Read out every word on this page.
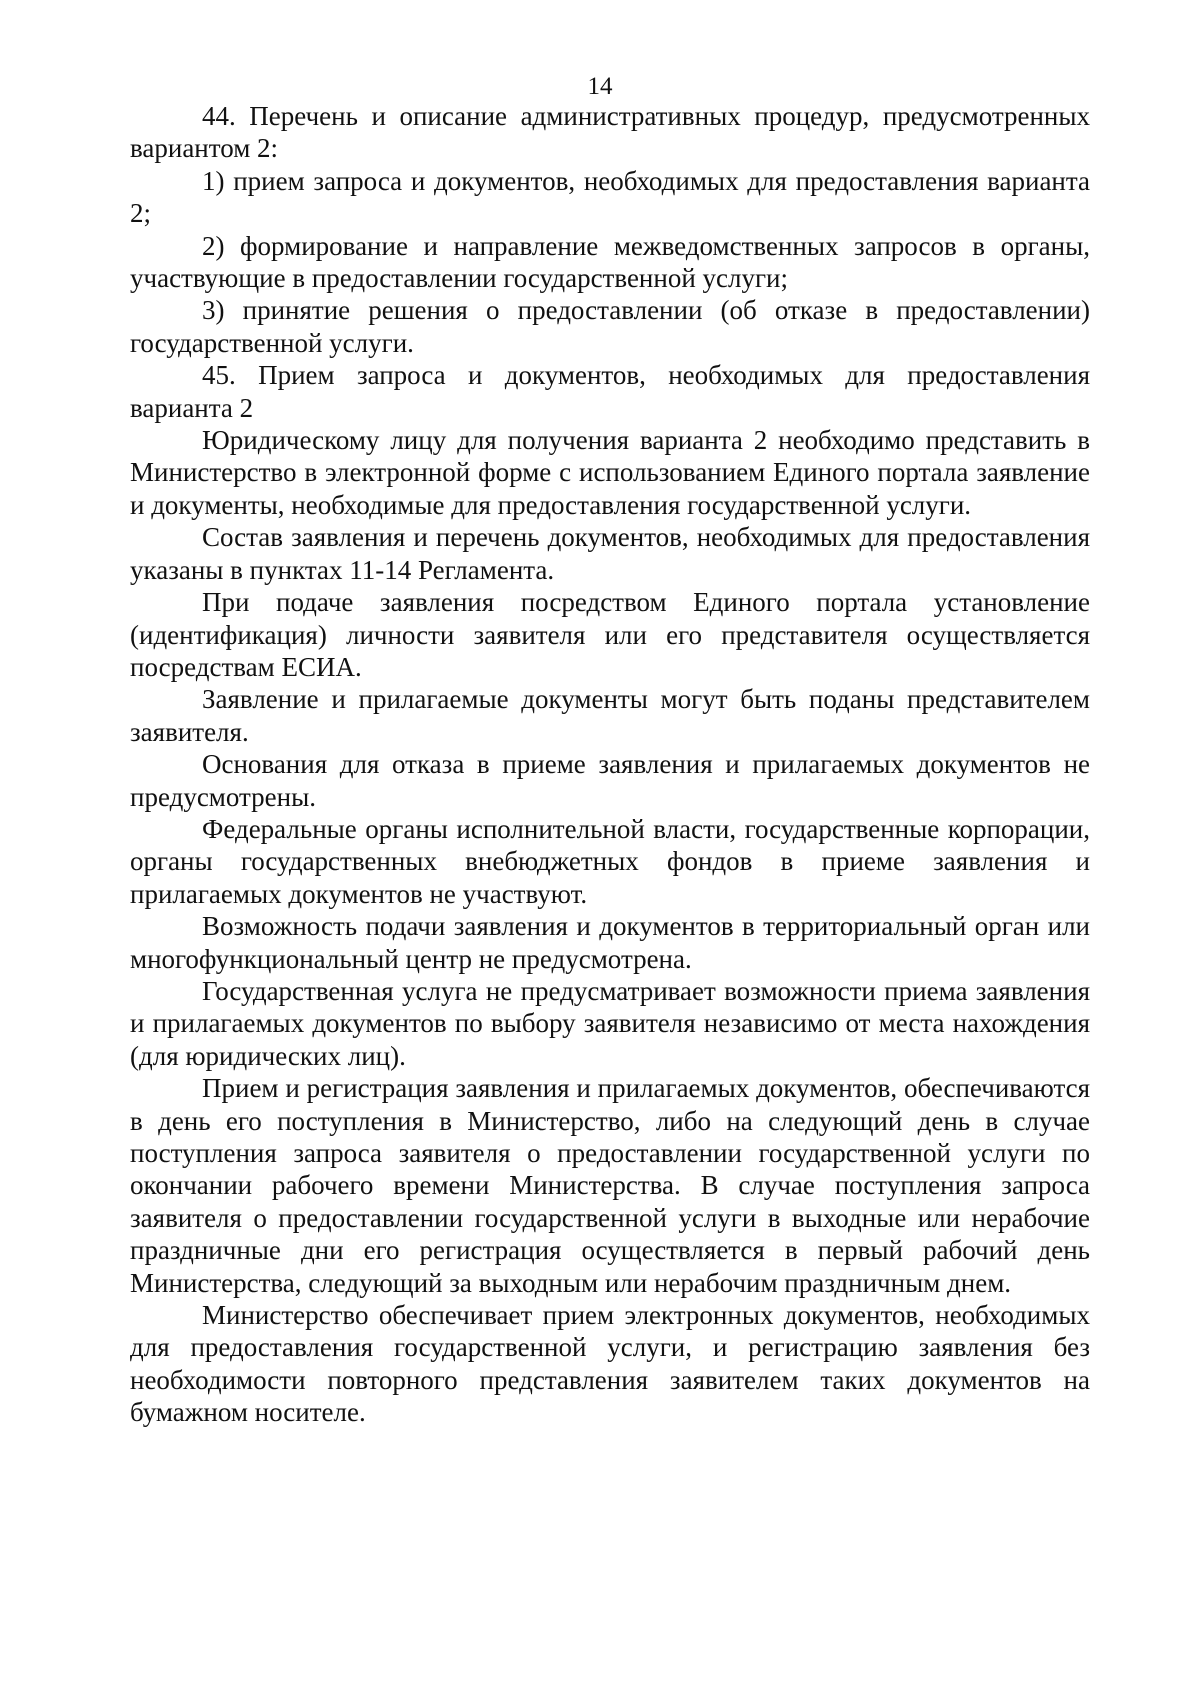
14

44. Перечень и описание административных процедур, предусмотренных вариантом 2:

1) прием запроса и документов, необходимых для предоставления варианта 2;

2) формирование и направление межведомственных запросов в органы, участвующие в предоставлении государственной услуги;

3) принятие решения о предоставлении (об отказе в предоставлении) государственной услуги.

45. Прием запроса и документов, необходимых для предоставления варианта 2

Юридическому лицу для получения варианта 2 необходимо представить в Министерство в электронной форме с использованием Единого портала заявление и документы, необходимые для предоставления государственной услуги.

Состав заявления и перечень документов, необходимых для предоставления указаны в пунктах 11-14 Регламента.

При подаче заявления посредством Единого портала установление (идентификация) личности заявителя или его представителя осуществляется посредствам ЕСИА.

Заявление и прилагаемые документы могут быть поданы представителем заявителя.

Основания для отказа в приеме заявления и прилагаемых документов не предусмотрены.

Федеральные органы исполнительной власти, государственные корпорации, органы государственных внебюджетных фондов в приеме заявления и прилагаемых документов не участвуют.

Возможность подачи заявления и документов в территориальный орган или многофункциональный центр не предусмотрена.

Государственная услуга не предусматривает возможности приема заявления и прилагаемых документов по выбору заявителя независимо от места нахождения (для юридических лиц).

Прием и регистрация заявления и прилагаемых документов, обеспечиваются в день его поступления в Министерство, либо на следующий день в случае поступления запроса заявителя о предоставлении государственной услуги по окончании рабочего времени Министерства. В случае поступления запроса заявителя о предоставлении государственной услуги в выходные или нерабочие праздничные дни его регистрация осуществляется в первый рабочий день Министерства, следующий за выходным или нерабочим праздничным днем.

Министерство обеспечивает прием электронных документов, необходимых для предоставления государственной услуги, и регистрацию заявления без необходимости повторного представления заявителем таких документов на бумажном носителе.
